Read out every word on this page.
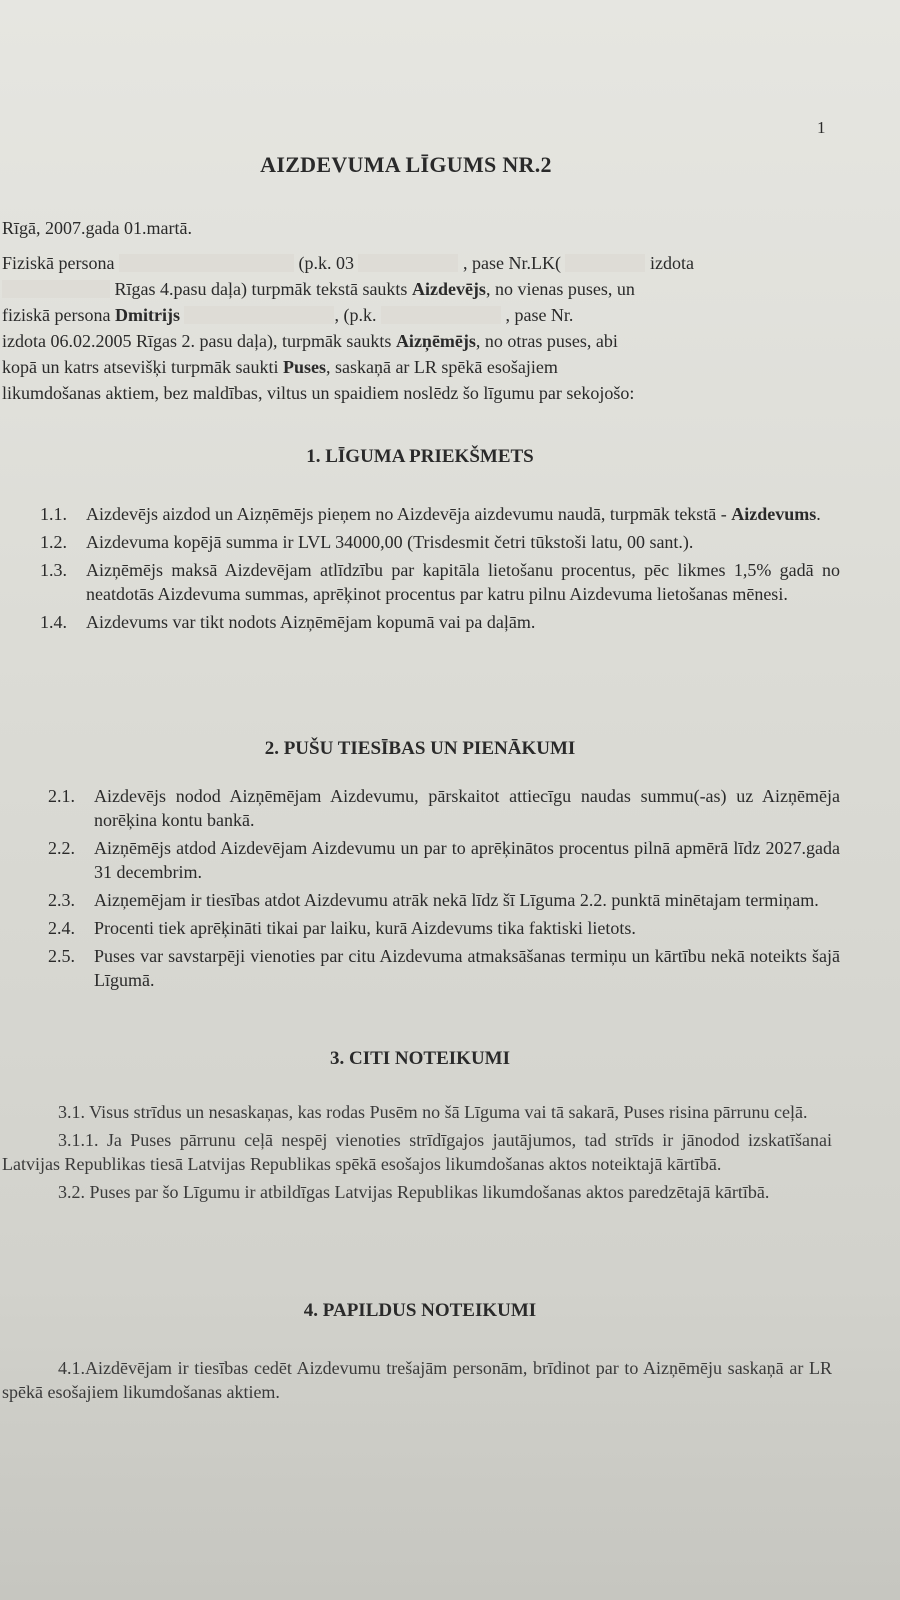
1
AIZDEVUMA LĪGUMS NR.2
Rīgā, 2007.gada 01.martā.
Fiziskā persona	(p.k. 03	, pase Nr.LK(	izdota
Rīgas 4.pasu daļa) turpmāk tekstā saukts Aizdevējs, no vienas puses, un
fiziskā persona Dmitrijs	, (p.k.	, pase Nr.
izdota 06.02.2005 Rīgas 2. pasu daļa), turpmāk saukts Aizņēmējs, no otras puses, abi
kopā un katrs atsevišķi turpmāk saukti Puses, saskaņā ar LR spēkā esošajiem
likumdošanas aktiem, bez maldības, viltus un spaidiem noslēdz šo līgumu par sekojošo:
1. LĪGUMA PRIEKŠMETS
1.1.	Aizdevējs aizdod un Aizņēmējs pieņem no Aizdevēja aizdevumu naudā, turpmāk tekstā - Aizdevums.
1.2.	Aizdevuma kopējā summa ir LVL 34000,00 (Trisdesmit četri tūkstoši latu, 00 sant.).
1.3.	Aizņēmējs maksā Aizdevējam atlīdzību par kapitāla lietošanu procentus, pēc likmes 1,5% gadā no neatdotās Aizdevuma summas, aprēķinot procentus par katru pilnu Aizdevuma lietošanas mēnesi.
1.4.	Aizdevums var tikt nodots Aizņēmējam kopumā vai pa daļām.
2. PUŠU TIESĪBAS UN PIENĀKUMI
2.1.	Aizdevējs nodod Aizņēmējam Aizdevumu, pārskaitot attiecīgu naudas summu(-as) uz Aizņēmēja norēķina kontu bankā.
2.2.	Aizņēmējs atdod Aizdevējam Aizdevumu un par to aprēķinātos procentus pilnā apmērā līdz 2027.gada 31 decembrim.
2.3.	Aizņemējam ir tiesības atdot Aizdevumu atrāk nekā līdz šī Līguma 2.2. punktā minētajam termiņam.
2.4.	Procenti tiek aprēķināti tikai par laiku, kurā Aizdevums tika faktiski lietots.
2.5.	Puses var savstarpēji vienoties par citu Aizdevuma atmaksāšanas termiņu un kārtību nekā noteikts šajā Līgumā.
3. CITI NOTEIKUMI
3.1. Visus strīdus un nesaskaņas, kas rodas Pusēm no šā Līguma vai tā sakarā, Puses risina pārrunu ceļā.
3.1.1. Ja Puses pārrunu ceļā nespēj vienoties strīdīgajos jautājumos, tad strīds ir jānodod izskatīšanai Latvijas Republikas tiesā Latvijas Republikas spēkā esošajos likumdošanas aktos noteiktajā kārtībā.
3.2. Puses par šo Līgumu ir atbildīgas Latvijas Republikas likumdošanas aktos paredzētajā kārtībā.
4. PAPILDUS NOTEIKUMI
4.1.Aizdēvējam ir tiesības cedēt Aizdevumu trešajām personām, brīdinot par to Aizņēmēju saskaņā ar LR spēkā esošajiem likumdošanas aktiem.
